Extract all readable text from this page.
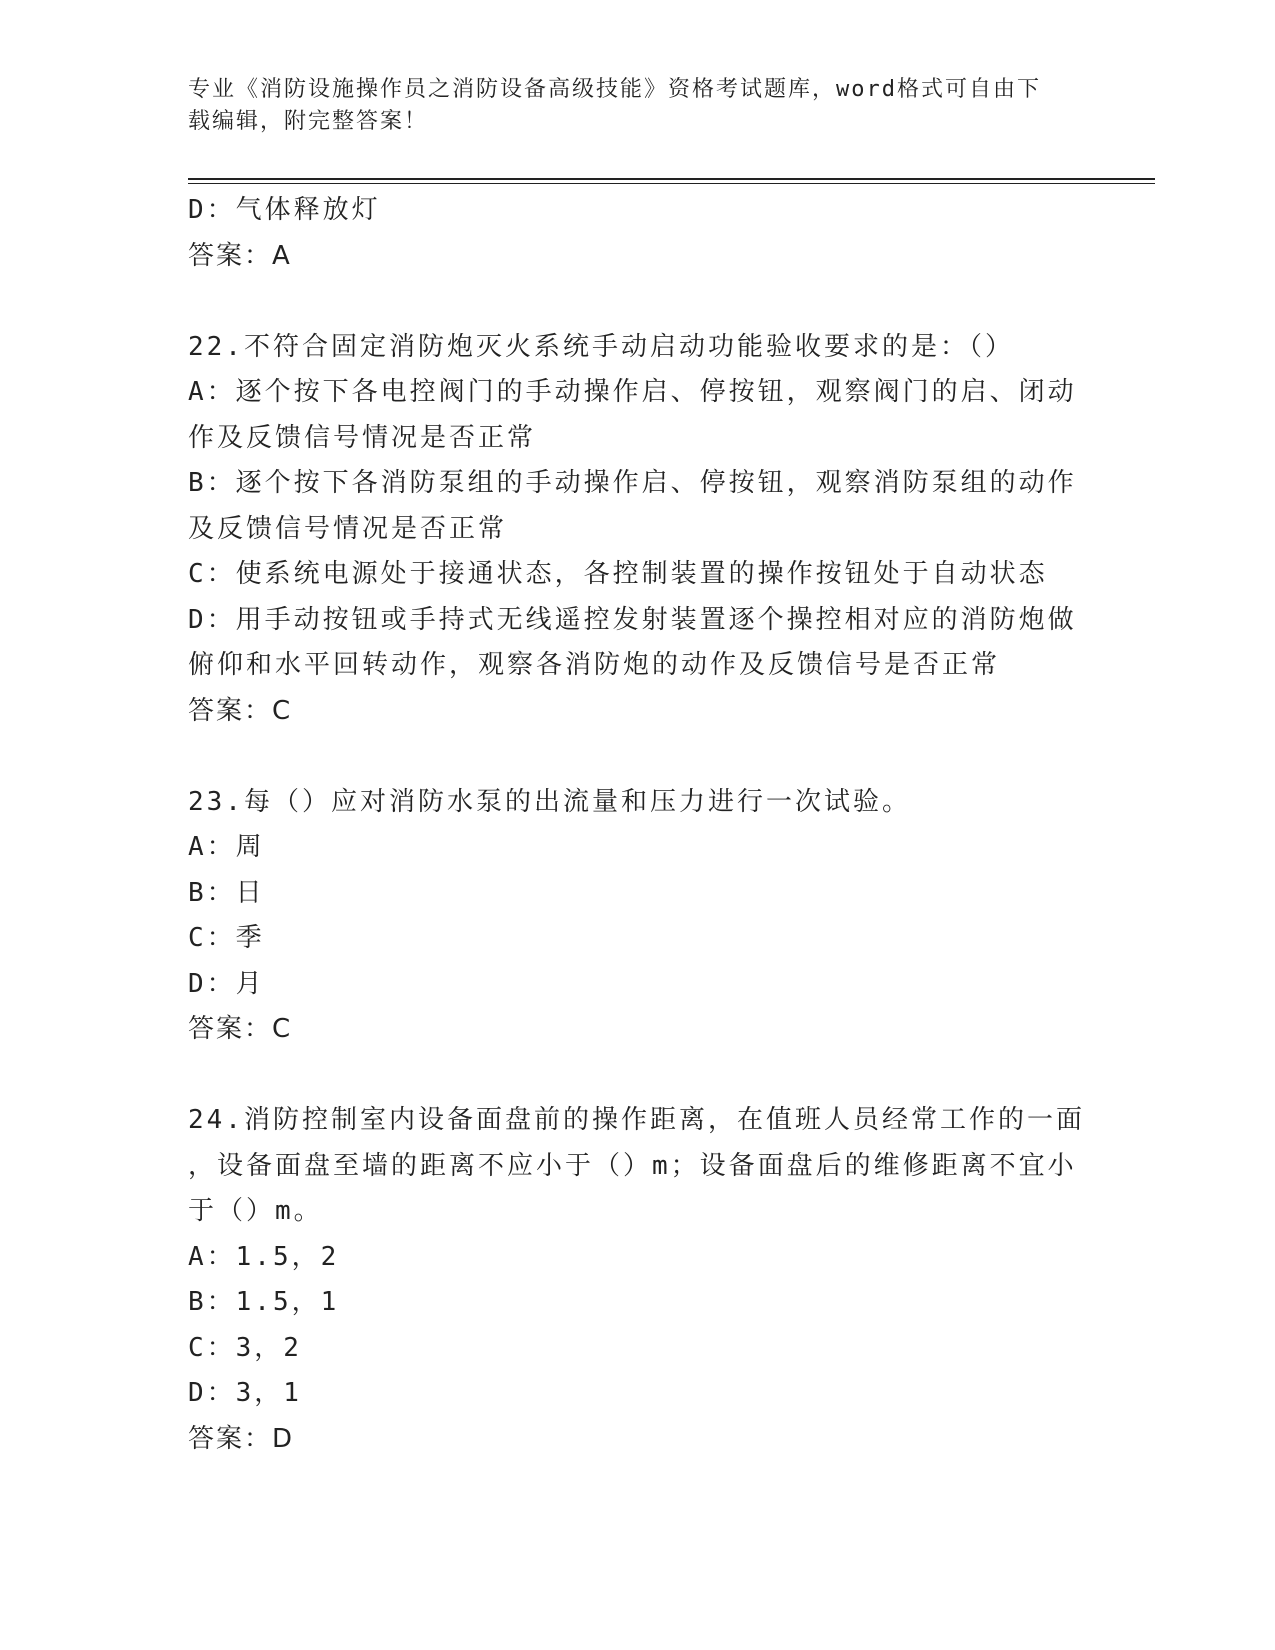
专业《消防设施操作员之消防设备高级技能》资格考试题库，word格式可自由下
载编辑，附完整答案！
D：气体释放灯
答案：A
22.不符合固定消防炮灭火系统手动启动功能验收要求的是：（）
A：逐个按下各电控阀门的手动操作启、停按钮，观察阀门的启、闭动
作及反馈信号情况是否正常
B：逐个按下各消防泵组的手动操作启、停按钮，观察消防泵组的动作
及反馈信号情况是否正常
C：使系统电源处于接通状态，各控制装置的操作按钮处于自动状态
D：用手动按钮或手持式无线遥控发射装置逐个操控相对应的消防炮做
俯仰和水平回转动作，观察各消防炮的动作及反馈信号是否正常
答案：C
23.每（）应对消防水泵的出流量和压力进行一次试验。
A：周
B：日
C：季
D：月
答案：C
24.消防控制室内设备面盘前的操作距离，在值班人员经常工作的一面
，设备面盘至墙的距离不应小于（）m；设备面盘后的维修距离不宜小
于（）m。
A：1.5，2
B：1.5，1
C：3，2
D：3，1
答案：D
